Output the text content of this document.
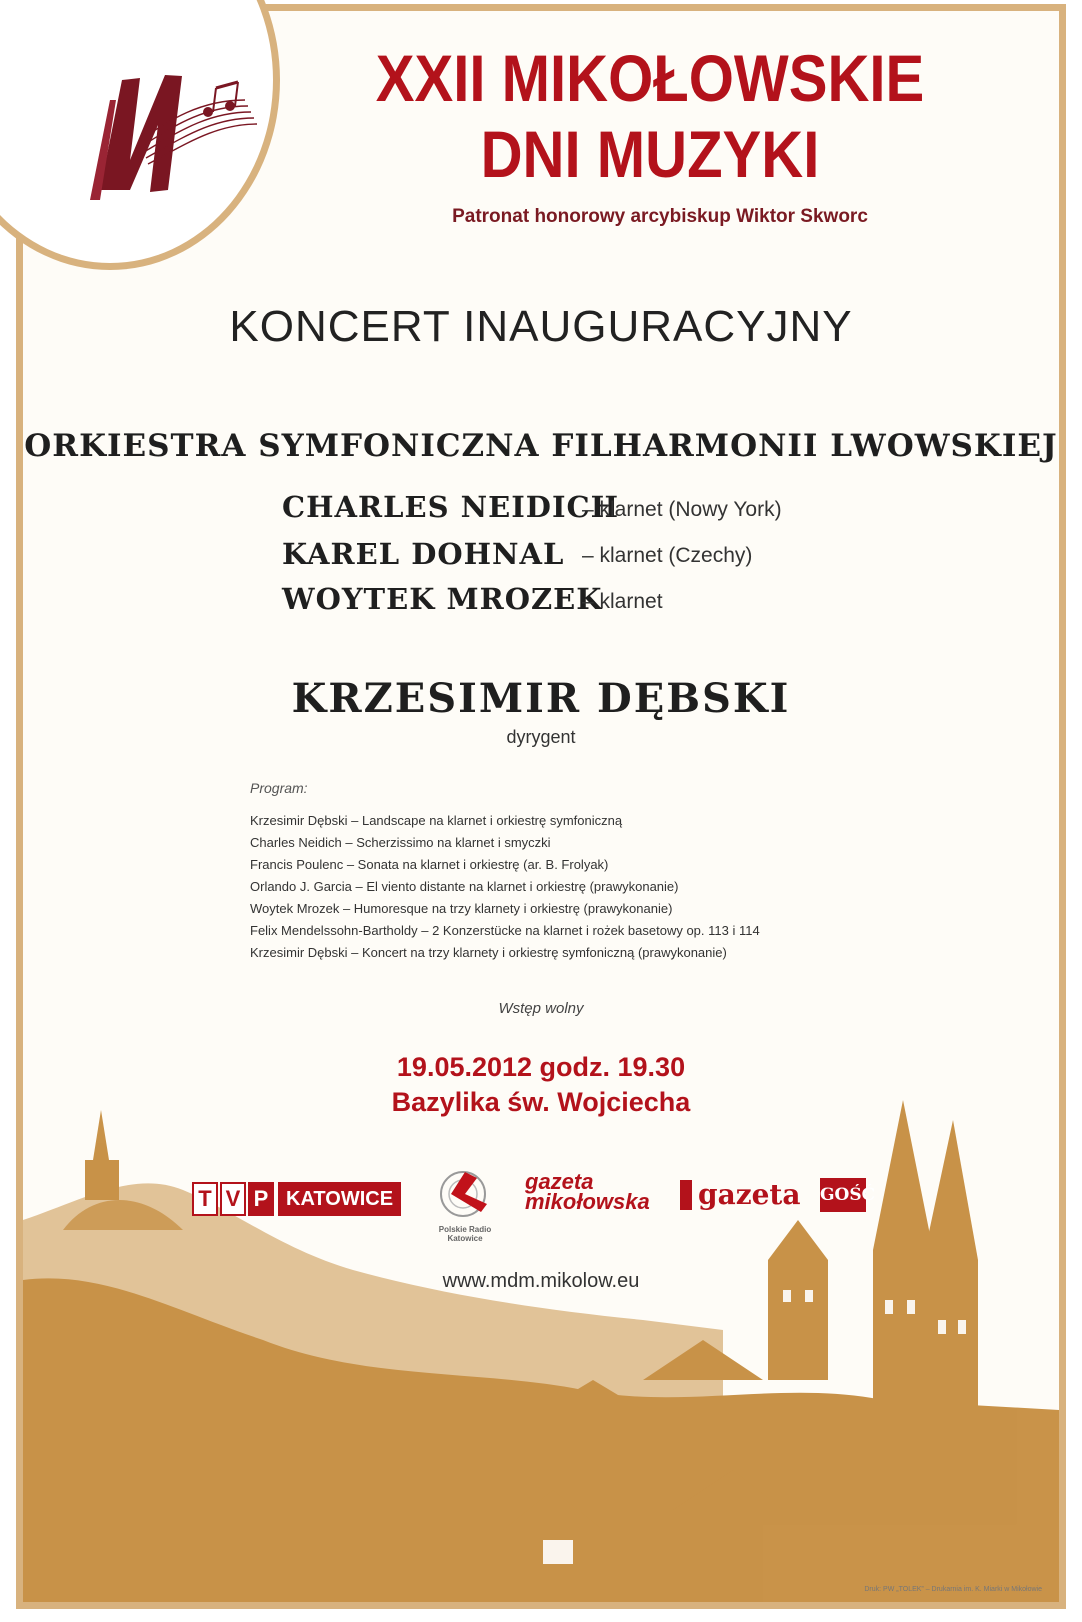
XXII MIKOŁOWSKIE
DNI MUZYKI
Patronat honorowy arcybiskup Wiktor Skworc
KONCERT INAUGURACYJNY
ORKIESTRA SYMFONICZNA FILHARMONII LWOWSKIEJ
CHARLES NEIDICH
– klarnet (Nowy York)
KAREL DOHNAL – klarnet (Czechy)
WOYTEK MROZEK
– klarnet
KRZESIMIR DĘBSKI
dyrygent
Program:
Krzesimir Dębski – Landscape na klarnet i orkiestrę symfoniczną
Charles Neidich – Scherzissimo na klarnet i smyczki
Francis Poulenc – Sonata na klarnet i orkiestrę (ar. B. Frolyak)
Orlando J. Garcia – El viento distante na klarnet i orkiestrę (prawykonanie)
Woytek Mrozek – Humoresque na trzy klarnety i orkiestrę (prawykonanie)
Felix Mendelssohn-Bartholdy – 2 Konzerstücke na klarnet i rożek basetowy op. 113 i 114
Krzesimir Dębski – Koncert na trzy klarnety i orkiestrę symfoniczną (prawykonanie)
Wstęp wolny
19.05.2012 godz. 19.30
Bazylika św. Wojciecha
T V P KATOWICE
Polskie Radio
Katowice
gazeta
mikołowska gazeta GOŚĆ
www.mdm.mikolow.eu
Druk: PW „TOLEK” – Drukarnia im. K. Miarki w Mikołowie
